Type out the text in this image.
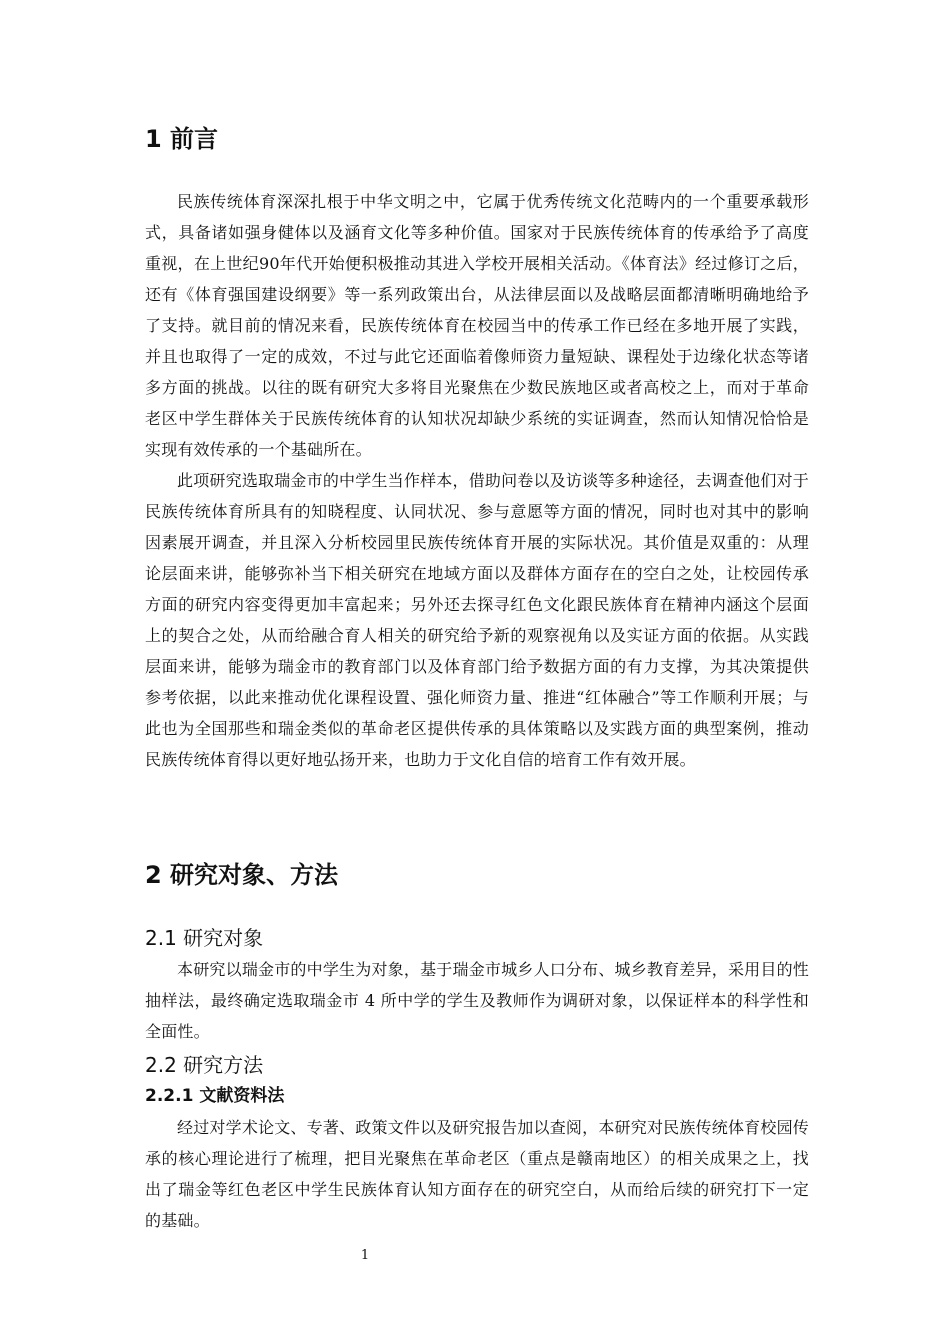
1 前言

民族传统体育深深扎根于中华文明之中，它属于优秀传统文化范畴内的一个重要承载形式，具备诸如强身健体以及涵育文化等多种价值。国家对于民族传统体育的传承给予了高度重视，在上世纪90年代开始便积极推动其进入学校开展相关活动。《体育法》经过修订之后，还有《体育强国建设纲要》等一系列政策出台，从法律层面以及战略层面都清晰明确地给予了支持。就目前的情况来看，民族传统体育在校园当中的传承工作已经在多地开展了实践，并且也取得了一定的成效，不过与此它还面临着像师资力量短缺、课程处于边缘化状态等诸多方面的挑战。以往的既有研究大多将目光聚焦在少数民族地区或者高校之上，而对于革命老区中学生群体关于民族传统体育的认知状况却缺少系统的实证调查，然而认知情况恰恰是实现有效传承的一个基础所在。

此项研究选取瑞金市的中学生当作样本，借助问卷以及访谈等多种途径，去调查他们对于民族传统体育所具有的知晓程度、认同状况、参与意愿等方面的情况，同时也对其中的影响因素展开调查，并且深入分析校园里民族传统体育开展的实际状况。其价值是双重的：从理论层面来讲，能够弥补当下相关研究在地域方面以及群体方面存在的空白之处，让校园传承方面的研究内容变得更加丰富起来；另外还去探寻红色文化跟民族体育在精神内涵这个层面上的契合之处，从而给融合育人相关的研究给予新的观察视角以及实证方面的依据。从实践层面来讲，能够为瑞金市的教育部门以及体育部门给予数据方面的有力支撑，为其决策提供参考依据，以此来推动优化课程设置、强化师资力量、推进“红体融合”等工作顺利开展；与此也为全国那些和瑞金类似的革命老区提供传承的具体策略以及实践方面的典型案例，推动民族传统体育得以更好地弘扬开来，也助力于文化自信的培育工作有效开展。

2 研究对象、方法
2.1 研究对象

本研究以瑞金市的中学生为对象，基于瑞金市城乡人口分布、城乡教育差异，采用目的性抽样法，最终确定选取瑞金市 4 所中学的学生及教师作为调研对象，以保证样本的科学性和全面性。

2.2 研究方法
2.2.1 文献资料法

经过对学术论文、专著、政策文件以及研究报告加以查阅，本研究对民族传统体育校园传承的核心理论进行了梳理，把目光聚焦在革命老区（重点是赣南地区）的相关成果之上，找出了瑞金等红色老区中学生民族体育认知方面存在的研究空白，从而给后续的研究打下一定的基础。

1
